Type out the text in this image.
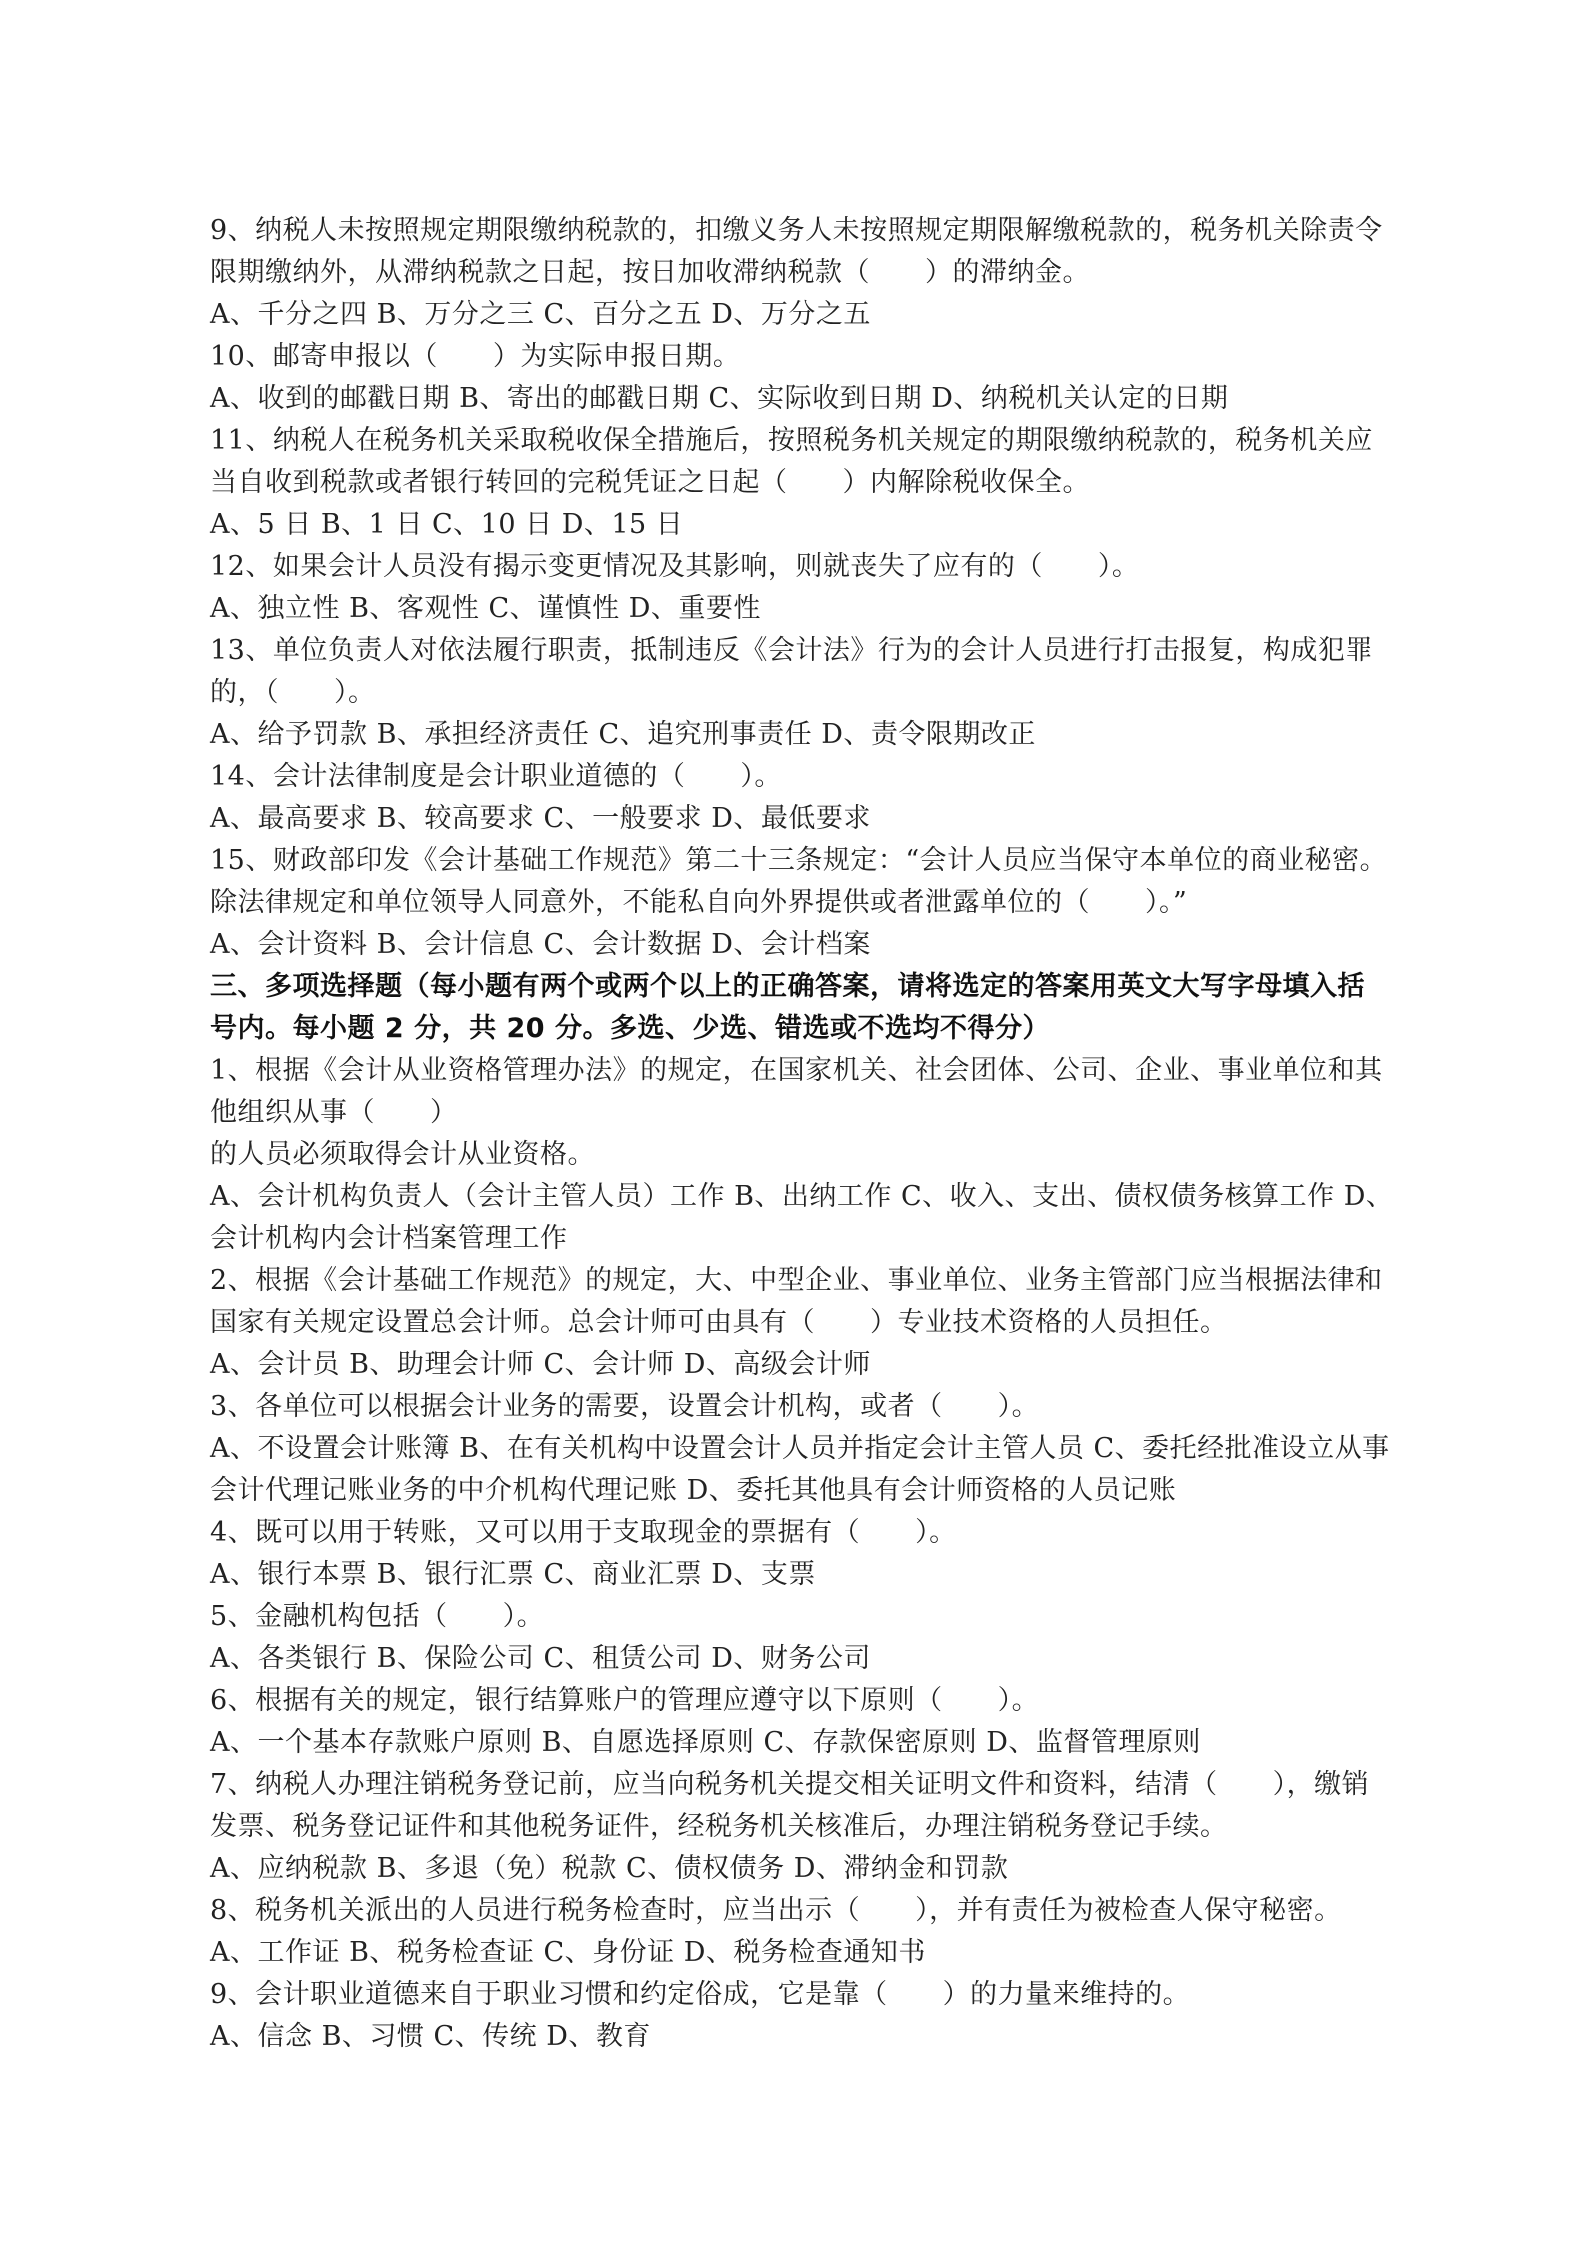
9、纳税人未按照规定期限缴纳税款的，扣缴义务人未按照规定期限解缴税款的，税务机关除责令
限期缴纳外，从滞纳税款之日起，按日加收滞纳税款（　　）的滞纳金。
A、千分之四 B、万分之三 C、百分之五 D、万分之五
10、邮寄申报以（　　）为实际申报日期。
A、收到的邮戳日期 B、寄出的邮戳日期 C、实际收到日期 D、纳税机关认定的日期
11、纳税人在税务机关采取税收保全措施后，按照税务机关规定的期限缴纳税款的，税务机关应
当自收到税款或者银行转回的完税凭证之日起（　　）内解除税收保全。
A、5 日 B、1 日 C、10 日 D、15 日
12、如果会计人员没有揭示变更情况及其影响，则就丧失了应有的（　　）。
A、独立性 B、客观性 C、谨慎性 D、重要性
13、单位负责人对依法履行职责，抵制违反《会计法》行为的会计人员进行打击报复，构成犯罪
的，（　　）。
A、给予罚款 B、承担经济责任 C、追究刑事责任 D、责令限期改正
14、会计法律制度是会计职业道德的（　　）。
A、最高要求 B、较高要求 C、一般要求 D、最低要求
15、财政部印发《会计基础工作规范》第二十三条规定：“会计人员应当保守本单位的商业秘密。
除法律规定和单位领导人同意外，不能私自向外界提供或者泄露单位的（　　）。”
A、会计资料 B、会计信息 C、会计数据 D、会计档案
三、多项选择题（每小题有两个或两个以上的正确答案，请将选定的答案用英文大写字母填入括
号内。每小题 2 分，共 20 分。多选、少选、错选或不选均不得分）
1、根据《会计从业资格管理办法》的规定，在国家机关、社会团体、公司、企业、事业单位和其
他组织从事（　　）
的人员必须取得会计从业资格。
A、会计机构负责人（会计主管人员）工作 B、出纳工作 C、收入、支出、债权债务核算工作 D、
会计机构内会计档案管理工作
2、根据《会计基础工作规范》的规定，大、中型企业、事业单位、业务主管部门应当根据法律和
国家有关规定设置总会计师。总会计师可由具有（　　）专业技术资格的人员担任。
A、会计员 B、助理会计师 C、会计师 D、高级会计师
3、各单位可以根据会计业务的需要，设置会计机构，或者（　　）。
A、不设置会计账簿 B、在有关机构中设置会计人员并指定会计主管人员 C、委托经批准设立从事
会计代理记账业务的中介机构代理记账 D、委托其他具有会计师资格的人员记账
4、既可以用于转账，又可以用于支取现金的票据有（　　）。
A、银行本票 B、银行汇票 C、商业汇票 D、支票
5、金融机构包括（　　）。
A、各类银行 B、保险公司 C、租赁公司 D、财务公司
6、根据有关的规定，银行结算账户的管理应遵守以下原则（　　）。
A、一个基本存款账户原则 B、自愿选择原则 C、存款保密原则 D、监督管理原则
7、纳税人办理注销税务登记前，应当向税务机关提交相关证明文件和资料，结清（　　），缴销
发票、税务登记证件和其他税务证件，经税务机关核准后，办理注销税务登记手续。
A、应纳税款 B、多退（免）税款 C、债权债务 D、滞纳金和罚款
8、税务机关派出的人员进行税务检查时，应当出示（　　），并有责任为被检查人保守秘密。
A、工作证 B、税务检查证 C、身份证 D、税务检查通知书
9、会计职业道德来自于职业习惯和约定俗成，它是靠（　　）的力量来维持的。
A、信念 B、习惯 C、传统 D、教育
